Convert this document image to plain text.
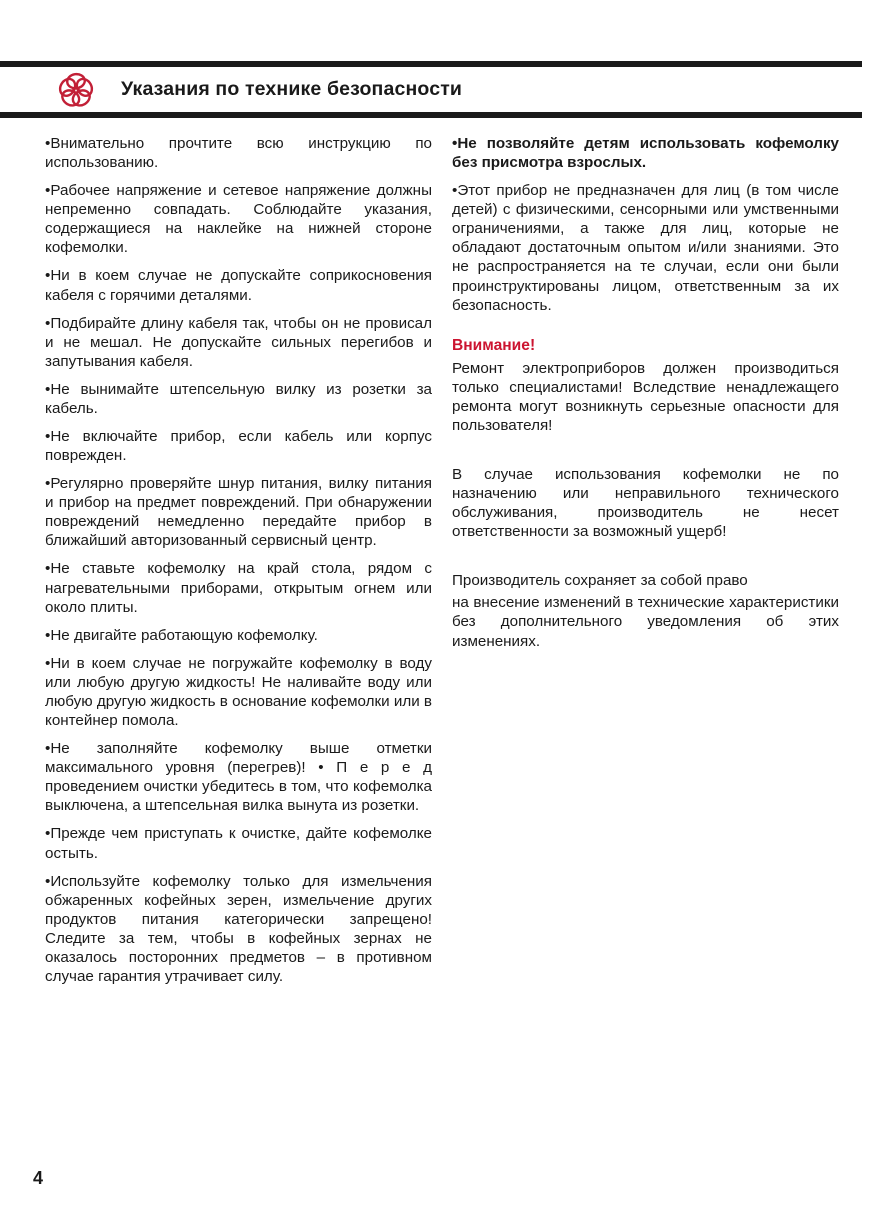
Указания по технике безопасности

•Внимательно прочтите всю инструкцию по использованию.

•Рабочее напряжение и сетевое напряжение должны непременно совпадать. Соблюдайте указания, содержащиеся на наклейке на нижней стороне кофемолки.

•Ни в коем случае не допускайте соприкосновения кабеля с горячими деталями.

•Подбирайте длину кабеля так, чтобы он не провисал и не мешал. Не допускайте сильных перегибов и запутывания кабеля.

•Не вынимайте штепсельную вилку из розетки за кабель.

•Не включайте прибор, если кабель или корпус поврежден.

•Регулярно проверяйте шнур питания, вилку питания и прибор на предмет повреждений. При обнаружении повреждений немедленно передайте прибор в ближайший авторизованный сервисный центр.

•Не ставьте кофемолку на край стола, рядом с нагревательными приборами, открытым огнем или около плиты.

•Не двигайте работающую кофемолку.

•Ни в коем случае не погружайте кофемолку в воду или любую другую жидкость! Не наливайте воду или любую другую жидкость в основание кофемолки или в контейнер помола.

•Не заполняйте кофемолку выше отметки максимального уровня (перегрев)! • П е р е д проведением очистки убедитесь в том, что кофемолка выключена, а штепсельная вилка вынута из розетки.

•Прежде чем приступать к очистке, дайте кофемолке остыть.

•Используйте кофемолку только для измельчения обжаренных кофейных зерен, измельчение других продуктов питания категорически запрещено! Следите за тем, чтобы в кофейных зернах не оказалось посторонних предметов – в противном случае гарантия утрачивает силу.

•Не позволяйте детям использовать кофемолку без присмотра взрослых.

•Этот прибор не предназначен для лиц (в том числе детей) с физическими, сенсорными или умственными ограничениями, а также для лиц, которые не обладают достаточным опытом и/или знаниями. Это не распространяется на те случаи, если они были проинструктированы лицом, ответственным за их безопасность.

Внимание!

Ремонт электроприборов должен производиться только специалистами! Вследствие ненадлежащего ремонта могут возникнуть серьезные опасности для пользователя!

В случае использования кофемолки не по назначению или неправильного технического обслуживания, производитель не несет ответственности за возможный ущерб!

Производитель сохраняет за собой право

на внесение изменений в технические характеристики без дополнительного уведомления об этих изменениях.

4
